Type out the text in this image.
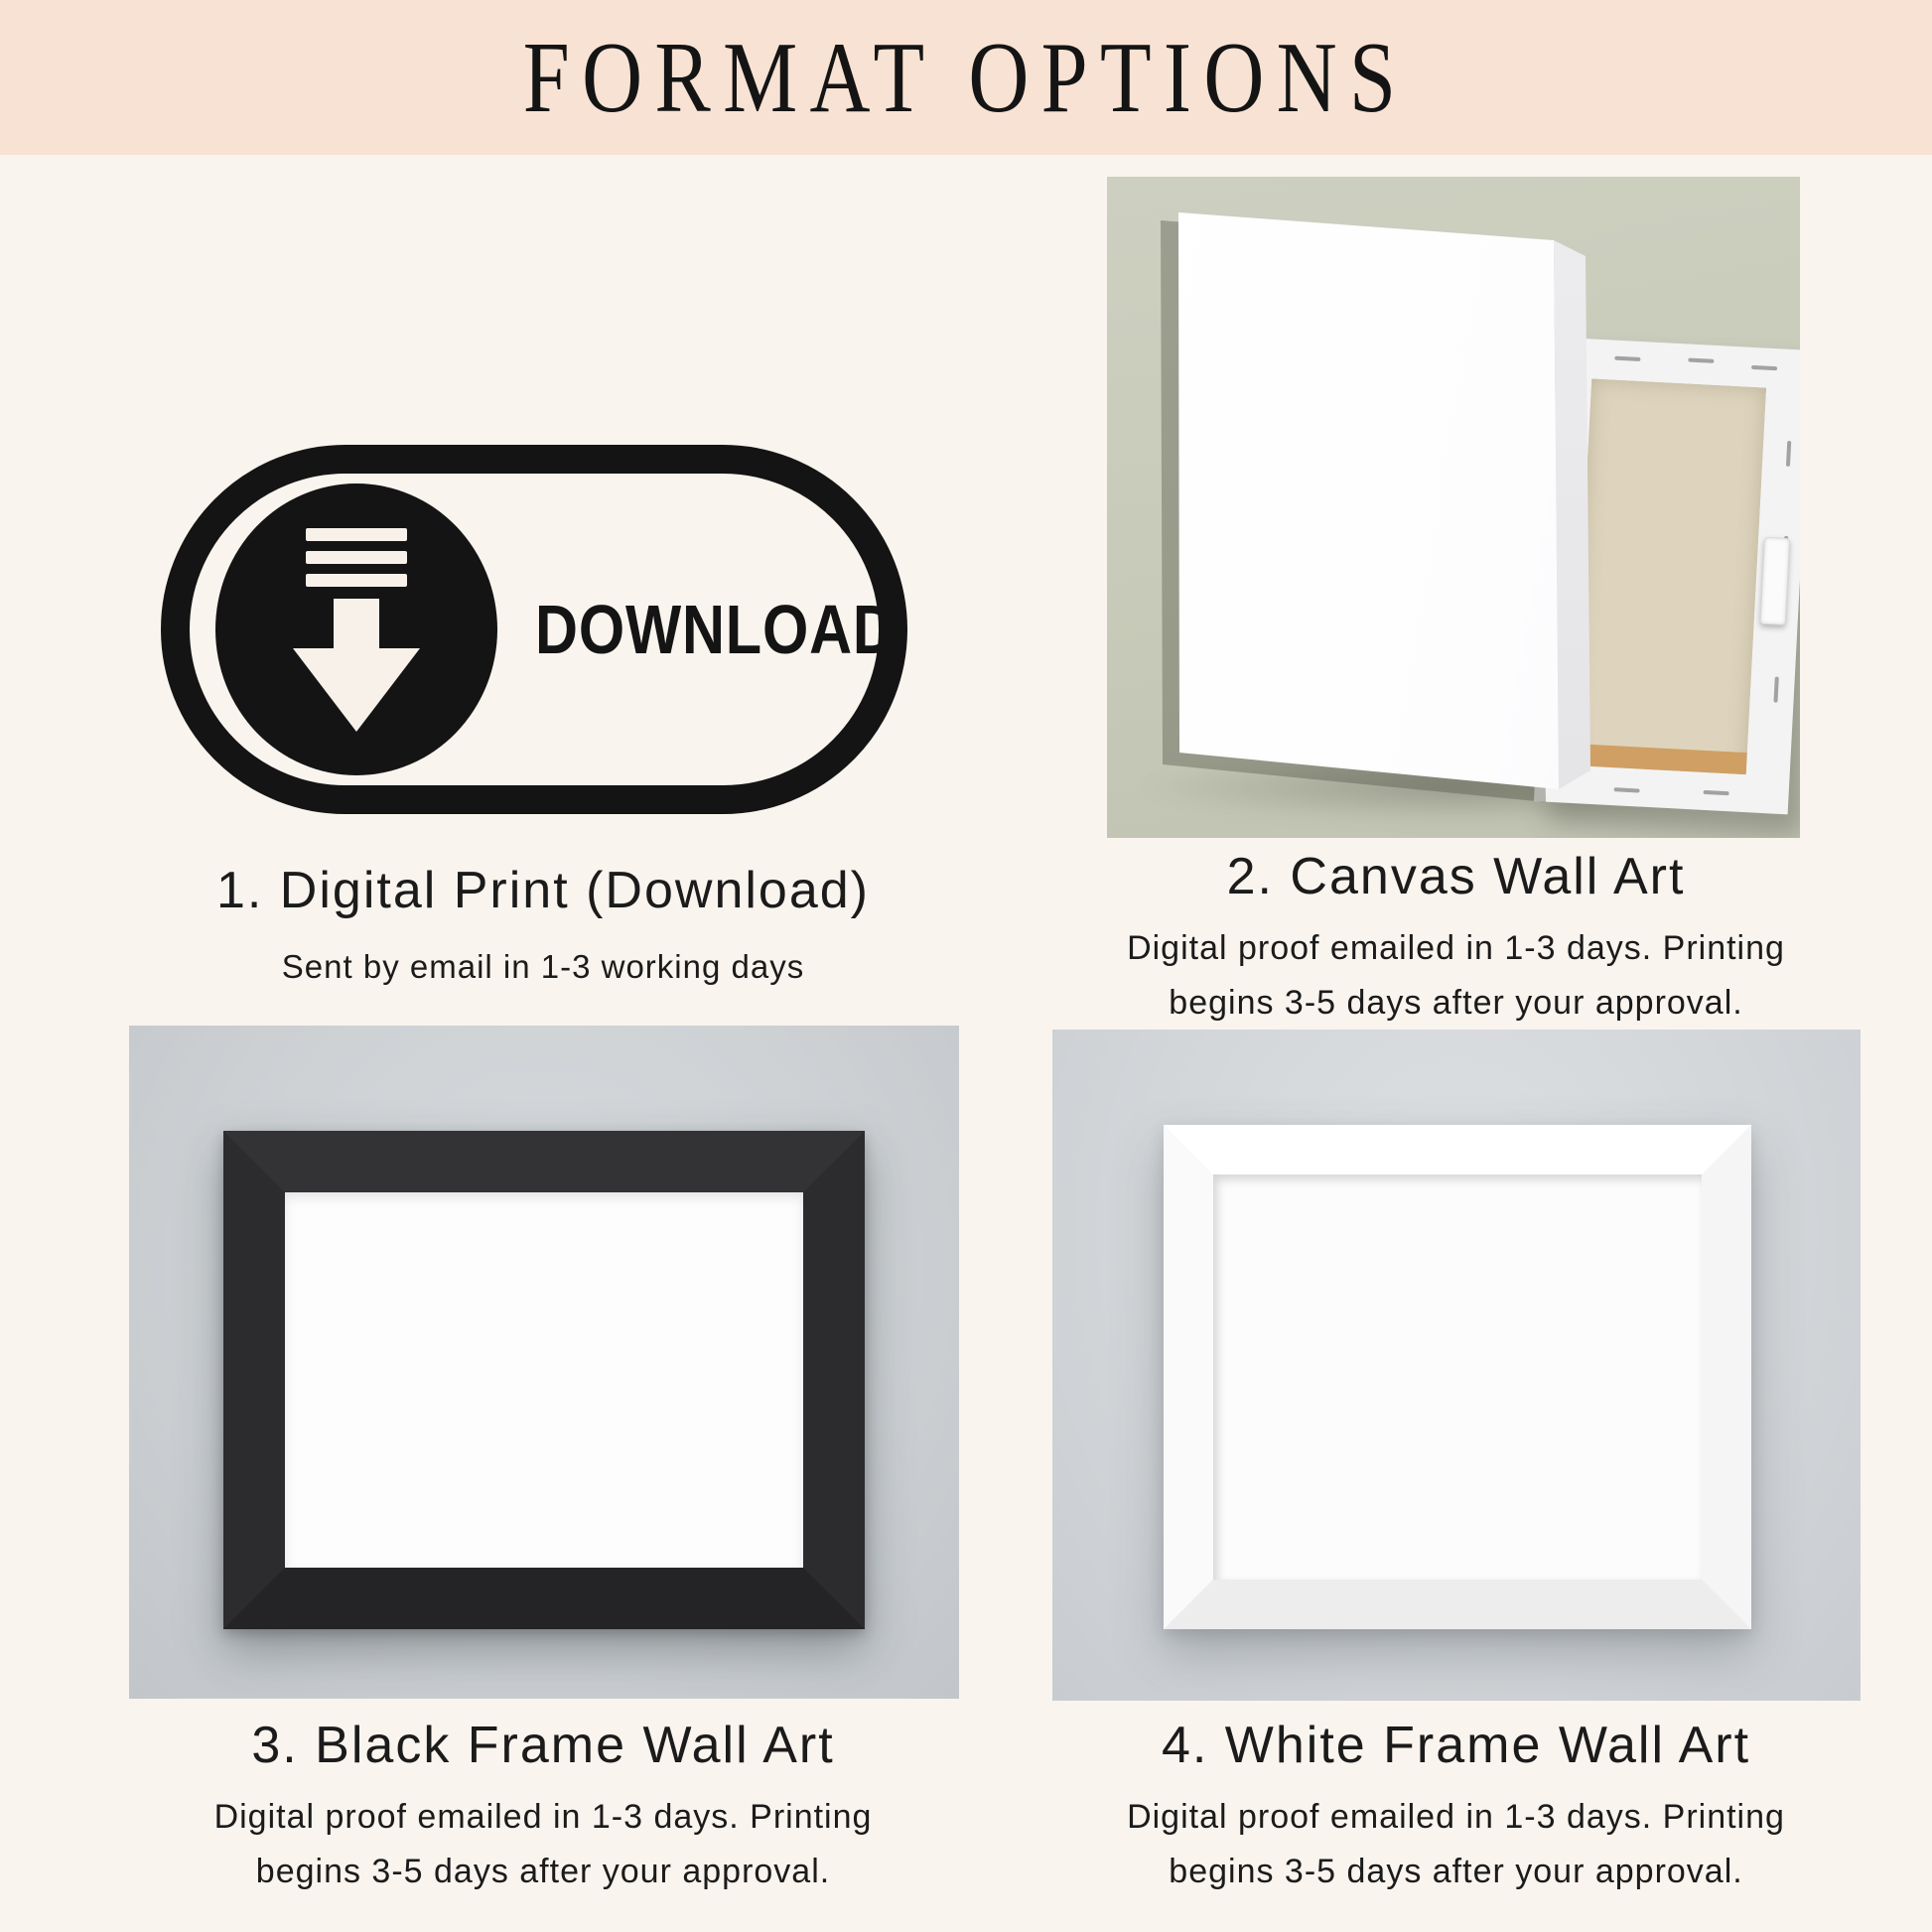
FORMAT OPTIONS
DOWNLOAD
1. Digital Print (Download)
Sent by email in 1-3 working days
2. Canvas Wall Art
Digital proof emailed in 1-3 days. Printing
begins 3-5 days after your approval.
3. Black Frame Wall Art
Digital proof emailed in 1-3 days. Printing
begins 3-5 days after your approval.
4. White Frame Wall Art
Digital proof emailed in 1-3 days. Printing
begins 3-5 days after your approval.
